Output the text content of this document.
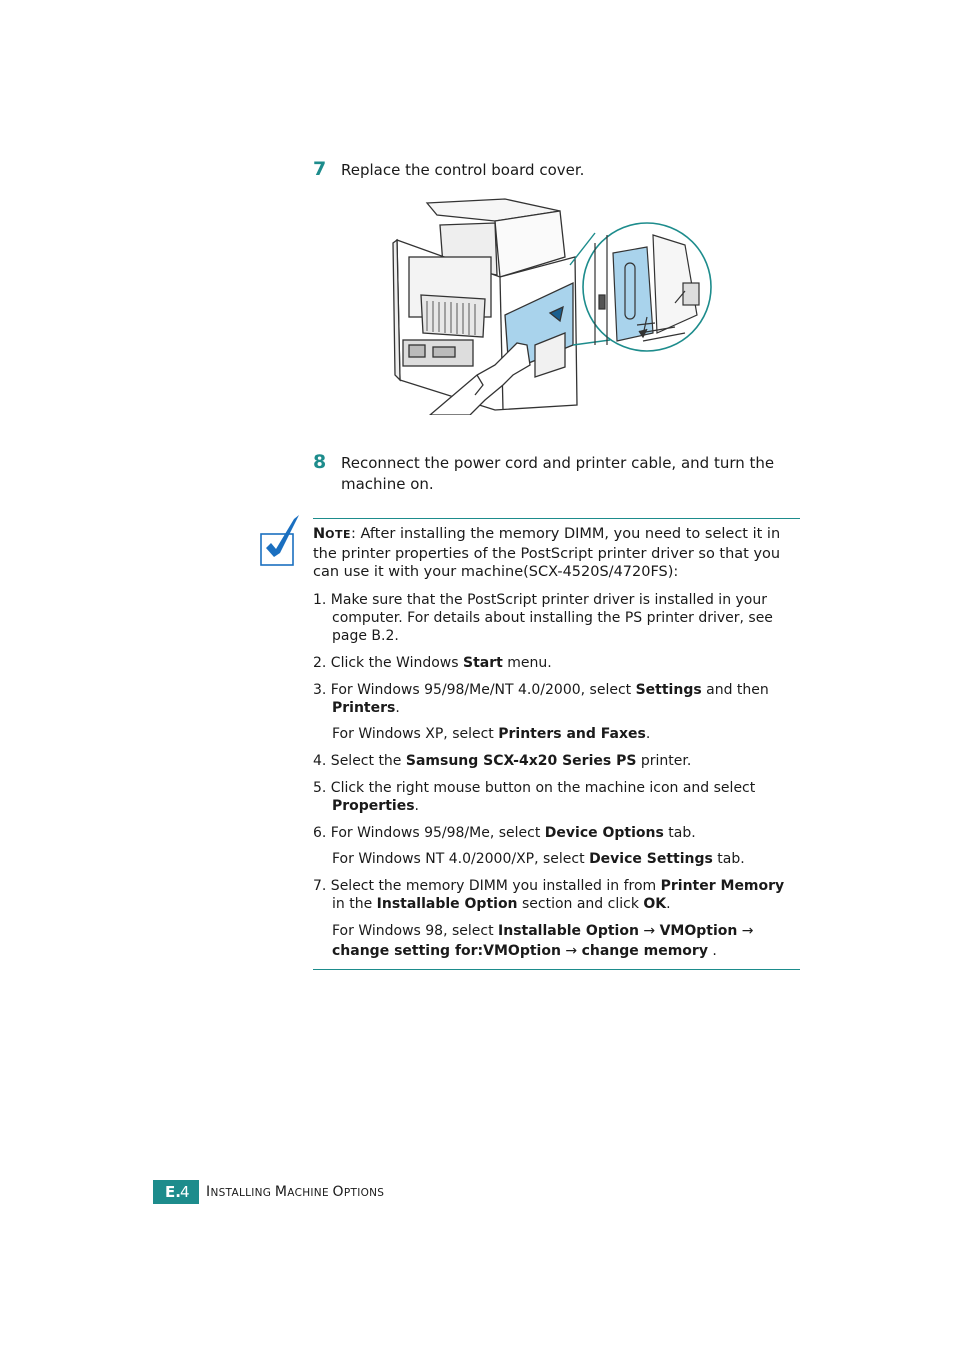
7 Replace the control board cover.
8 Reconnect the power cord and printer cable, and turn the
machine on.

NOTE: After installing the memory DIMM, you need to select it in the printer properties of the PostScript printer driver so that you can use it with your machine(SCX-4520S/4720FS):

1. Make sure that the PostScript printer driver is installed in your computer. For details about installing the PS printer driver, see page B.2.
2. Click the Windows Start menu.
3. For Windows 95/98/Me/NT 4.0/2000, select Settings and then Printers.
For Windows XP, select Printers and Faxes.
4. Select the Samsung SCX-4x20 Series PS printer.
5. Click the right mouse button on the machine icon and select Properties.
6. For Windows 95/98/Me, select Device Options tab.
For Windows NT 4.0/2000/XP, select Device Settings tab.
7. Select the memory DIMM you installed in from Printer Memory in the Installable Option section and click OK.
For Windows 98, select Installable Option → VMOption → change setting for:VMOption → change memory .
E. 4 INSTALLING MACHINE OPTIONS
